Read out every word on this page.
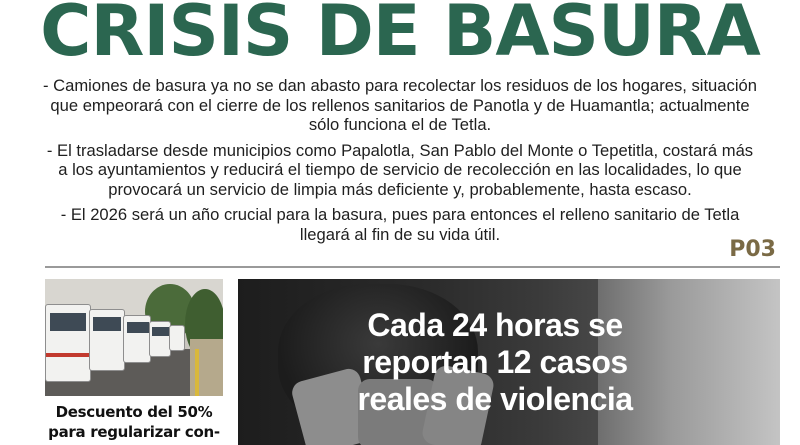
CRISIS DE BASURA

- Camiones de basura ya no se dan abasto para recolectar los residuos de los hogares, situación que empeorará con el cierre de los rellenos sanitarios de Panotla y de Huamantla; actualmente sólo funciona el de Tetla.

- El trasladarse desde municipios como Papalotla, San Pablo del Monte o Tepetitla, costará más a los ayuntamientos y reducirá el tiempo de servicio de recolección en las localidades, lo que provocará un servicio de limpia más deficiente y, probablemente, hasta escaso.

- El 2026 será un año crucial para la basura, pues para entonces el relleno sanitario de Tetla llegará al fin de su vida útil.

P03
Descuento del 50% para regularizar con-
Cada 24 horas se reportan 12 casos reales de violencia
